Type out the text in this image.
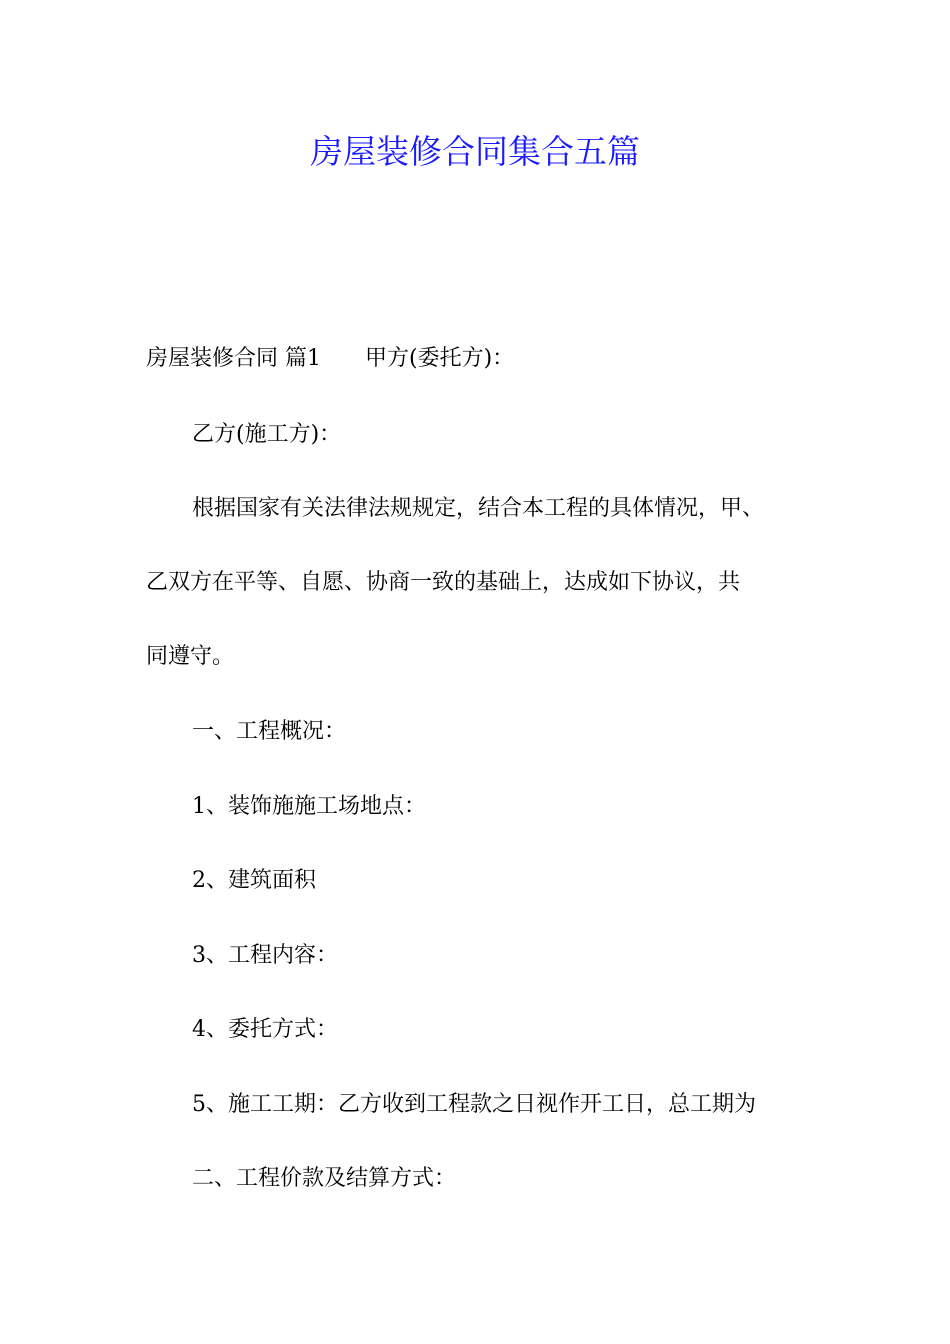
房屋装修合同集合五篇

房屋装修合同 篇1 甲方(委托方)：

乙方(施工方)：

根据国家有关法律法规规定，结合本工程的具体情况，甲、

乙双方在平等、自愿、协商一致的基础上，达成如下协议，共

同遵守。

一、工程概况：

1、装饰施施工场地点：

2、建筑面积

3、工程内容：

4、委托方式：

5、施工工期：乙方收到工程款之日视作开工日，总工期为

二、工程价款及结算方式：
